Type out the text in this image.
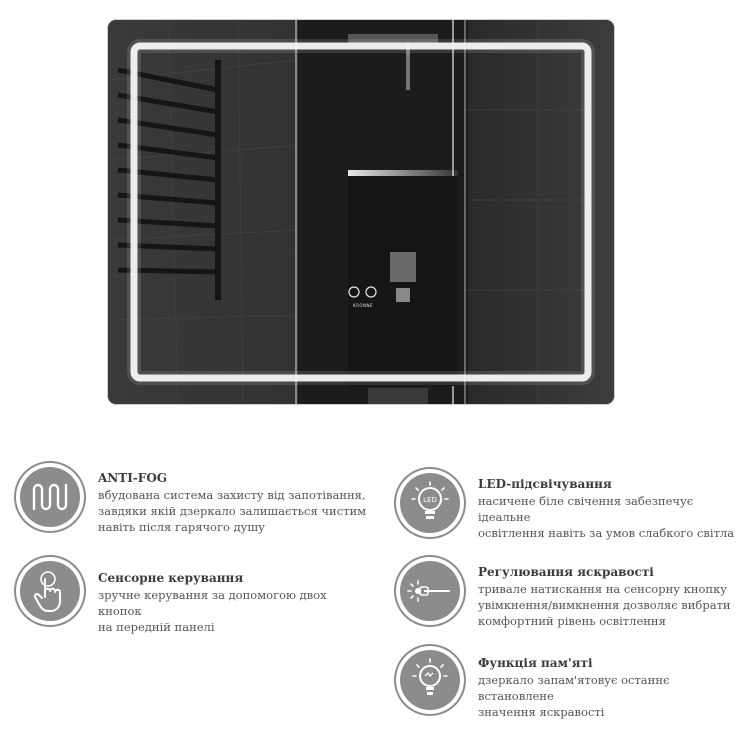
KRONNE
ANTI-FOG
вбудована система захисту від запотівання,
завдяки якій дзеркало залишається чистим
навіть після гарячого душу
LED
LED-підсвічування
насичене біле свічення забезпечує ідеальне
освітлення навіть за умов слабкого світла
Сенсорне керування
зручне керування за допомогою двох кнопок
на передній панелі
Регулювання яскравості
тривале натискання на сенсорну кнопку
увімкнення/вимкнення дозволяє вибрати
комфортний рівень освітлення
Функція пам'яті
дзеркало запам'ятовує останнє встановлене
значення яскравості
